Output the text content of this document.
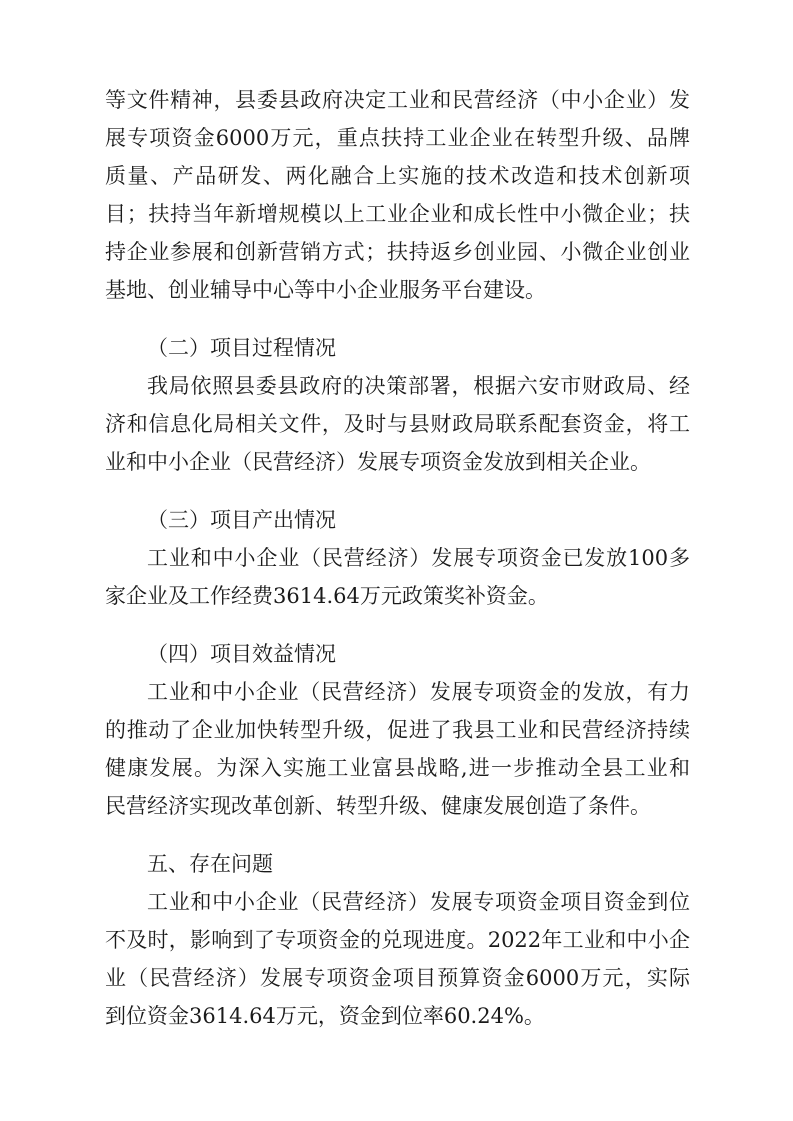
等文件精神，县委县政府决定工业和民营经济（中小企业）发
展专项资金6000万元，重点扶持工业企业在转型升级、品牌
质量、产品研发、两化融合上实施的技术改造和技术创新项
目；扶持当年新增规模以上工业企业和成长性中小微企业；扶
持企业参展和创新营销方式；扶持返乡创业园、小微企业创业
基地、创业辅导中心等中小企业服务平台建设。
（二）项目过程情况
我局依照县委县政府的决策部署，根据六安市财政局、经
济和信息化局相关文件，及时与县财政局联系配套资金，将工
业和中小企业（民营经济）发展专项资金发放到相关企业。
（三）项目产出情况
工业和中小企业（民营经济）发展专项资金已发放100多
家企业及工作经费3614.64万元政策奖补资金。
（四）项目效益情况
工业和中小企业（民营经济）发展专项资金的发放，有力
的推动了企业加快转型升级，促进了我县工业和民营经济持续
健康发展。为深入实施工业富县战略,进一步推动全县工业和
民营经济实现改革创新、转型升级、健康发展创造了条件。
五、存在问题
工业和中小企业（民营经济）发展专项资金项目资金到位
不及时，影响到了专项资金的兑现进度。2022年工业和中小企
业（民营经济）发展专项资金项目预算资金6000万元，实际
到位资金3614.64万元，资金到位率60.24%。
